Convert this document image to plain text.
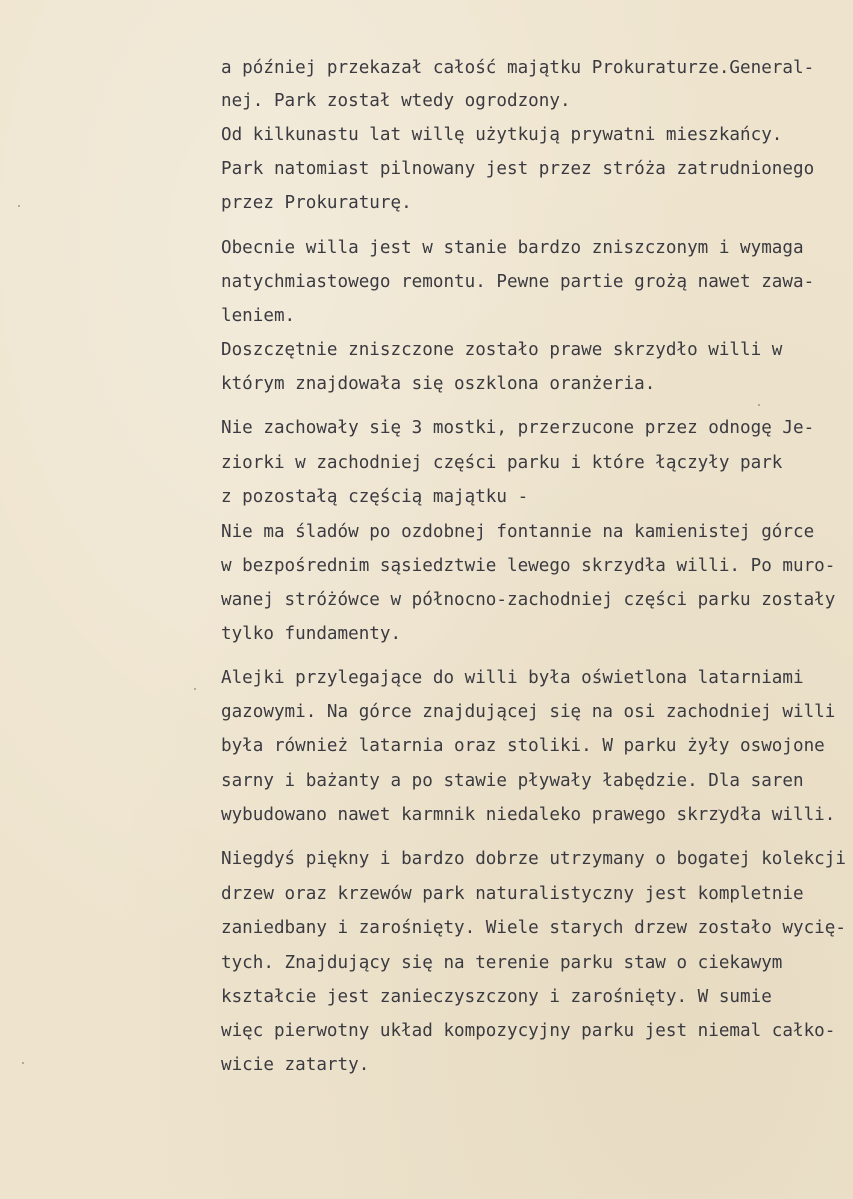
a później przekazał całość majątku Prokuraturze.General-
nej. Park został wtedy ogrodzony.
Od kilkunastu lat willę użytkują prywatni mieszkańcy.
Park natomiast pilnowany jest przez stróża zatrudnionego
przez Prokuraturę.
Obecnie willa jest w stanie bardzo zniszczonym i wymaga
natychmiastowego remontu. Pewne partie grożą nawet zawa-
leniem.
Doszczętnie zniszczone zostało prawe skrzydło willi w
którym znajdowała się oszklona oranżeria.
Nie zachowały się 3 mostki, przerzucone przez odnogę Je-
ziorki w zachodniej części parku i które łączyły park
z pozostałą częścią majątku -
Nie ma śladów po ozdobnej fontannie na kamienistej górce
w bezpośrednim sąsiedztwie lewego skrzydła willi. Po muro-
wanej stróżówce w północno-zachodniej części parku zostały
tylko fundamenty.
Alejki przylegające do willi była oświetlona latarniami
gazowymi. Na górce znajdującej się na osi zachodniej willi
była również latarnia oraz stoliki. W parku żyły oswojone
sarny i bażanty a po stawie pływały łabędzie. Dla saren
wybudowano nawet karmnik niedaleko prawego skrzydła willi.
Niegdyś piękny i bardzo dobrze utrzymany o bogatej kolekcji
drzew oraz krzewów park naturalistyczny jest kompletnie
zaniedbany i zarośnięty. Wiele starych drzew zostało wycię-
tych. Znajdujący się na terenie parku staw o ciekawym
kształcie jest zanieczyszczony i zarośnięty. W sumie
więc pierwotny układ kompozycyjny parku jest niemal całko-
wicie zatarty.
